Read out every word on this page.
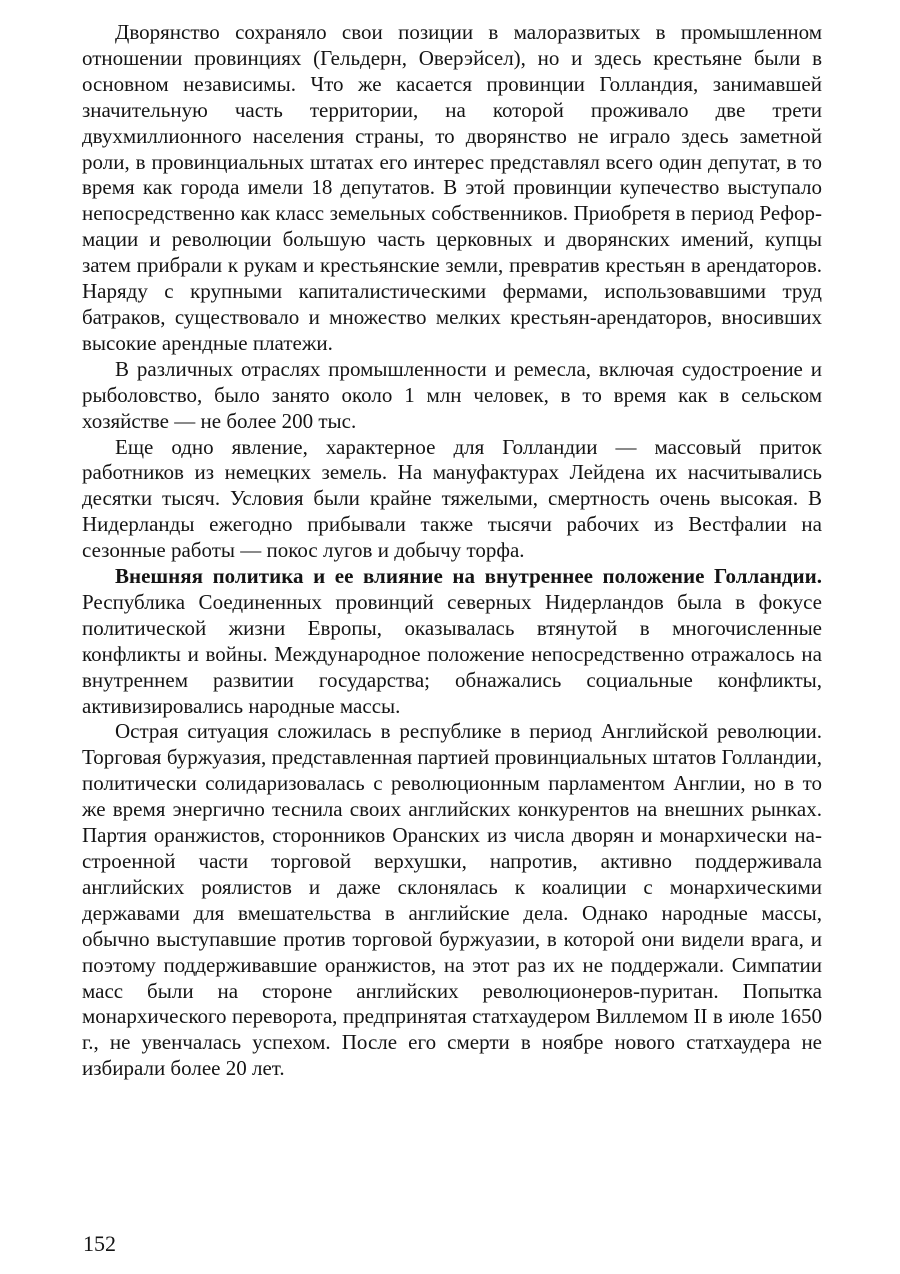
Дворянство сохраняло свои позиции в малоразвитых в промышленном отношении провинциях (Гельдерн, Оверэйсел), но и здесь крестьяне были в основном независимы. Что же касается провинции Голландия, занимавшей значительную часть территории, на которой проживало две трети двухмиллионного населения страны, то дворянство не играло здесь заметной роли, в провинциальных штатах его интерес представлял всего один депутат, в то время как города имели 18 депутатов. В этой провинции купечество выступало непосредственно как класс земельных собственников. Приобретя в период Реформации и революции большую часть церковных и дворянских имений, купцы затем прибрали к рукам и крестьянские земли, превратив крестьян в арендаторов. Наряду с крупными капиталистическими фермами, использовавшими труд батраков, существовало и множество мелких крестьян-арендаторов, вносивших высокие арендные платежи.

В различных отраслях промышленности и ремесла, включая судостроение и рыболовство, было занято около 1 млн человек, в то время как в сельском хозяйстве — не более 200 тыс.

Еще одно явление, характерное для Голландии — массовый приток работников из немецких земель. На мануфактурах Лейдена их насчитывались десятки тысяч. Условия были крайне тяжелыми, смертность очень высокая. В Нидерланды ежегодно прибывали также тысячи рабочих из Вестфалии на сезонные работы — покос лугов и добычу торфа.

Внешняя политика и ее влияние на внутреннее положение Голландии. Республика Соединенных провинций северных Нидерландов была в фокусе политической жизни Европы, оказывалась втянутой в многочисленные конфликты и войны. Международное положение непосредственно отражалось на внутреннем развитии государства; обнажались социальные конфликты, активизировались народные массы.

Острая ситуация сложилась в республике в период Английской революции. Торговая буржуазия, представленная партией провинциальных штатов Голландии, политически солидаризовалась с революционным парламентом Англии, но в то же время энергично теснила своих английских конкурентов на внешних рынках. Партия оранжистов, сторонников Оранских из числа дворян и монархически настроенной части торговой верхушки, напротив, активно поддерживала английских роялистов и даже склонялась к коалиции с монархическими державами для вмешательства в английские дела. Однако народные массы, обычно выступавшие против торговой буржуазии, в которой они видели врага, и поэтому поддерживавшие оранжистов, на этот раз их не поддержали. Симпатии масс были на стороне английских революционеров-пуритан. Попытка монархического переворота, предпринятая статхаудером Виллемом II в июле 1650 г., не увенчалась успехом. После его смерти в ноябре нового статхаудера не избирали более 20 лет.

152
